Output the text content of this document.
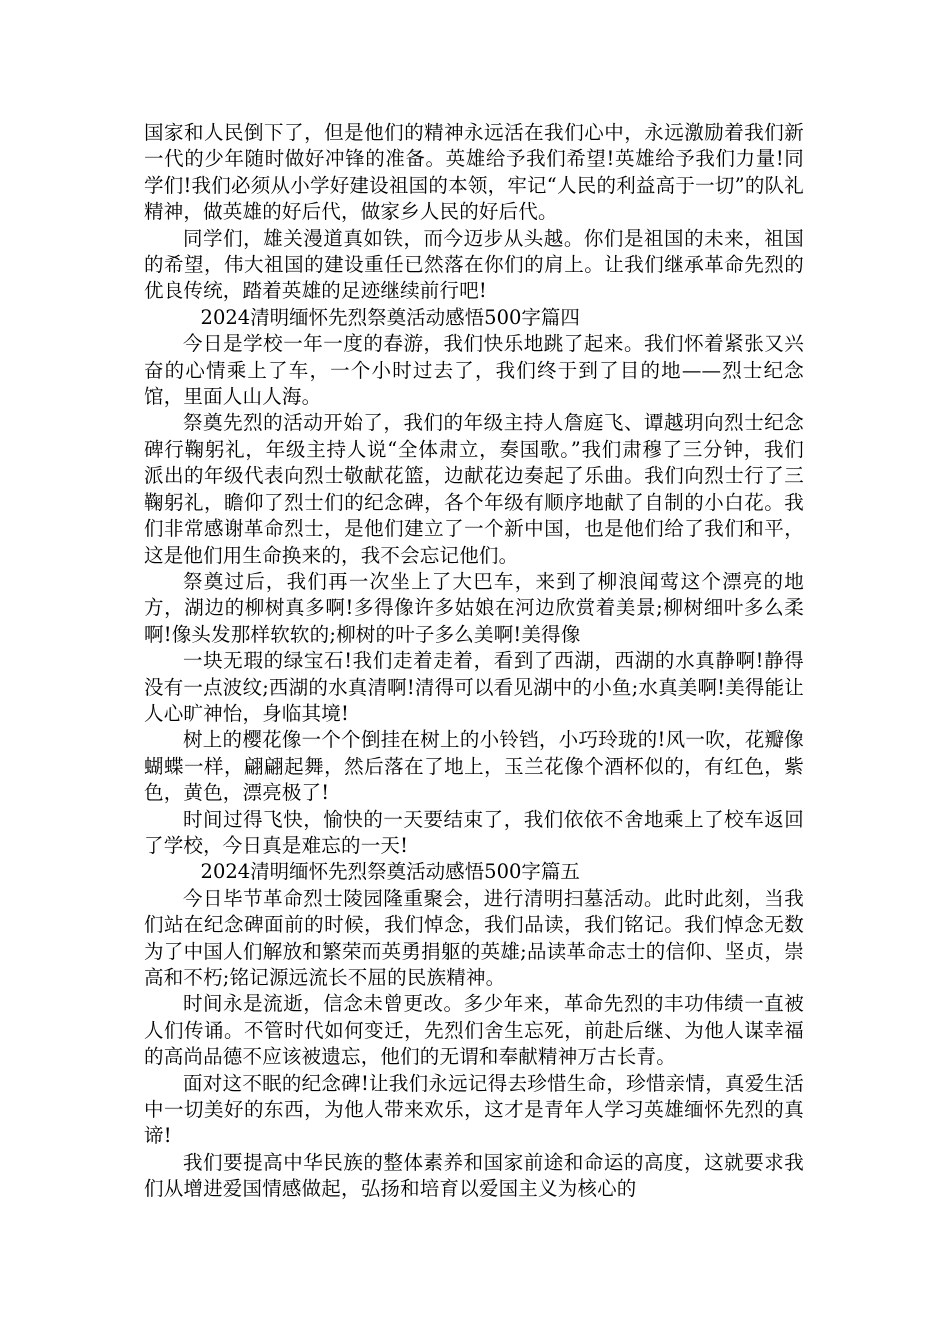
国家和人民倒下了，但是他们的精神永远活在我们心中，永远激励着我们新一代的少年随时做好冲锋的准备。英雄给予我们希望!英雄给予我们力量!同学们!我们必须从小学好建设祖国的本领，牢记“人民的利益高于一切”的队礼精神，做英雄的好后代，做家乡人民的好后代。

同学们，雄关漫道真如铁，而今迈步从头越。你们是祖国的未来，祖国的希望，伟大祖国的建设重任已然落在你们的肩上。让我们继承革命先烈的优良传统，踏着英雄的足迹继续前行吧!

2024清明缅怀先烈祭奠活动感悟500字篇四

今日是学校一年一度的春游，我们快乐地跳了起来。我们怀着紧张又兴奋的心情乘上了车，一个小时过去了，我们终于到了目的地——烈士纪念馆，里面人山人海。

祭奠先烈的活动开始了，我们的年级主持人詹庭飞、谭越玥向烈士纪念碑行鞠躬礼，年级主持人说“全体肃立，奏国歌。”我们肃穆了三分钟，我们派出的年级代表向烈士敬献花篮，边献花边奏起了乐曲。我们向烈士行了三鞠躬礼，瞻仰了烈士们的纪念碑，各个年级有顺序地献了自制的小白花。我们非常感谢革命烈士，是他们建立了一个新中国，也是他们给了我们和平，这是他们用生命换来的，我不会忘记他们。

祭奠过后，我们再一次坐上了大巴车，来到了柳浪闻莺这个漂亮的地方，湖边的柳树真多啊!多得像许多姑娘在河边欣赏着美景;柳树细叶多么柔啊!像头发那样软软的;柳树的叶子多么美啊!美得像

一块无瑕的绿宝石!我们走着走着，看到了西湖，西湖的水真静啊!静得没有一点波纹;西湖的水真清啊!清得可以看见湖中的小鱼;水真美啊!美得能让人心旷神怡，身临其境!

树上的樱花像一个个倒挂在树上的小铃铛，小巧玲珑的!风一吹，花瓣像蝴蝶一样，翩翩起舞，然后落在了地上，玉兰花像个酒杯似的，有红色，紫色，黄色，漂亮极了!

时间过得飞快，愉快的一天要结束了，我们依依不舍地乘上了校车返回了学校，今日真是难忘的一天!

2024清明缅怀先烈祭奠活动感悟500字篇五

今日毕节革命烈士陵园隆重聚会，进行清明扫墓活动。此时此刻，当我们站在纪念碑面前的时候，我们悼念，我们品读，我们铭记。我们悼念无数为了中国人们解放和繁荣而英勇捐躯的英雄;品读革命志士的信仰、坚贞，崇高和不朽;铭记源远流长不屈的民族精神。

时间永是流逝，信念未曾更改。多少年来，革命先烈的丰功伟绩一直被人们传诵。不管时代如何变迁，先烈们舍生忘死，前赴后继、为他人谋幸福的高尚品德不应该被遗忘，他们的无谓和奉献精神万古长青。

面对这不眠的纪念碑!让我们永远记得去珍惜生命，珍惜亲情，真爱生活中一切美好的东西，为他人带来欢乐，这才是青年人学习英雄缅怀先烈的真谛!

我们要提高中华民族的整体素养和国家前途和命运的高度，这就要求我们从增进爱国情感做起，弘扬和培育以爱国主义为核心的
